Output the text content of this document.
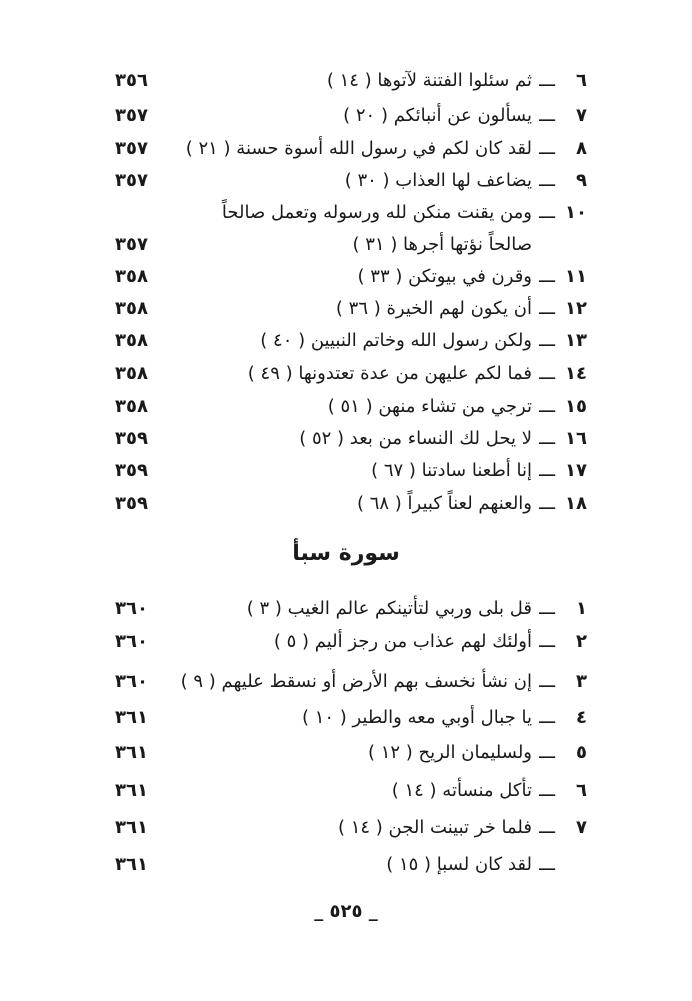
٦
ـــ
ثم سئلوا الفتنة لآتوها ( ١٤ )
٣٥٦
٧
ـــ
يسألون عن أنبائكم ( ٢٠ )
٣٥٧
٨
ـــ
لقد كان لكم في رسول الله أسوة حسنة ( ٢١ )
٣٥٧
٩
ـــ
يضاعف لها العذاب ( ٣٠ )
٣٥٧
١٠
ـــ
ومن يقنت منكن لله ورسوله وتعمل صالحاً
صالحاً نؤتها أجرها ( ٣١ )
٣٥٧
١١
ـــ
وقرن في بيوتكن ( ٣٣ )
٣٥٨
١٢
ـــ
أن يكون لهم الخيرة ( ٣٦ )
٣٥٨
١٣
ـــ
ولكن رسول الله وخاتم النبيين ( ٤٠ )
٣٥٨
١٤
ـــ
فما لكم عليهن من عدة تعتدونها ( ٤٩ )
٣٥٨
١٥
ـــ
ترجي من تشاء منهن ( ٥١ )
٣٥٨
١٦
ـــ
لا يحل لك النساء من بعد ( ٥٢ )
٣٥٩
١٧
ـــ
إنا أطعنا سادتنا ( ٦٧ )
٣٥٩
١٨
ـــ
والعنهم لعناً كبيراً ( ٦٨ )
٣٥٩
سورة سبأ
١
ـــ
قل بلى وربي لتأتينكم عالم الغيب ( ٣ )
٣٦٠
٢
ـــ
أولئك لهم عذاب من رجز أليم ( ٥ )
٣٦٠
٣
ـــ
إن نشأ نخسف بهم الأرض أو نسقط عليهم ( ٩ )
٣٦٠
٤
ـــ
يا جبال أوبي معه والطير ( ١٠ )
٣٦١
٥
ـــ
ولسليمان الريح ( ١٢ )
٣٦١
٦
ـــ
تأكل منسأته ( ١٤ )
٣٦١
٧
ـــ
فلما خر تبينت الجن ( ١٤ )
٣٦١
ـــ
لقد كان لسبإ ( ١٥ )
٣٦١
_ ٥٢٥ _
